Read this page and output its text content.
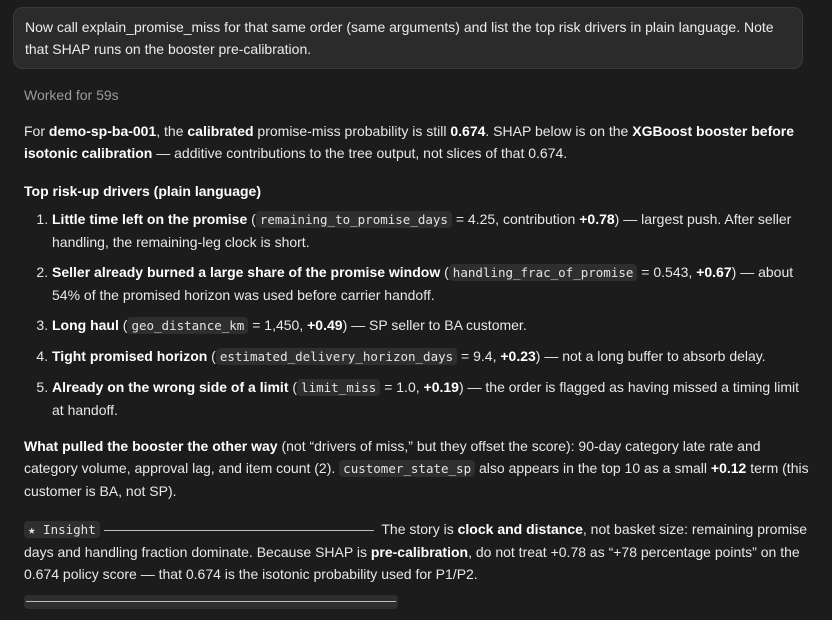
Now call explain_promise_miss for that same order (same arguments) and list the top risk drivers in plain language. Note that SHAP runs on the booster pre-calibration.
Worked for 59s

For demo-sp-ba-001, the calibrated promise-miss probability is still 0.674. SHAP below is on the XGBoost booster before isotonic calibration — additive contributions to the tree output, not slices of that 0.674.

Top risk-up drivers (plain language)

1. Little time left on the promise ( remaining_to_promise_days = 4.25, contribution +0.78) — largest push. After seller handling, the remaining-leg clock is short.
2. Seller already burned a large share of the promise window ( handling_frac_of_promise = 0.543, +0.67) — about 54% of the promised horizon was used before carrier handoff.
3. Long haul ( geo_distance_km = 1,450, +0.49) — SP seller to BA customer.
4. Tight promised horizon ( estimated_delivery_horizon_days = 9.4, +0.23) — not a long buffer to absorb delay.
5. Already on the wrong side of a limit ( limit_miss = 1.0, +0.19) — the order is flagged as having missed a timing limit at handoff.

What pulled the booster the other way (not “drivers of miss,” but they offset the score): 90-day category late rate and category volume, approval lag, and item count (2). customer_state_sp also appears in the top 10 as a small +0.12 term (this customer is BA, not SP).

★ Insight	The story is clock and distance, not basket size: remaining promise days and handling fraction dominate. Because SHAP is pre-calibration, do not treat +0.78 as “+78 percentage points” on the 0.674 policy score — that 0.674 is the isotonic probability used for P1/P2.
